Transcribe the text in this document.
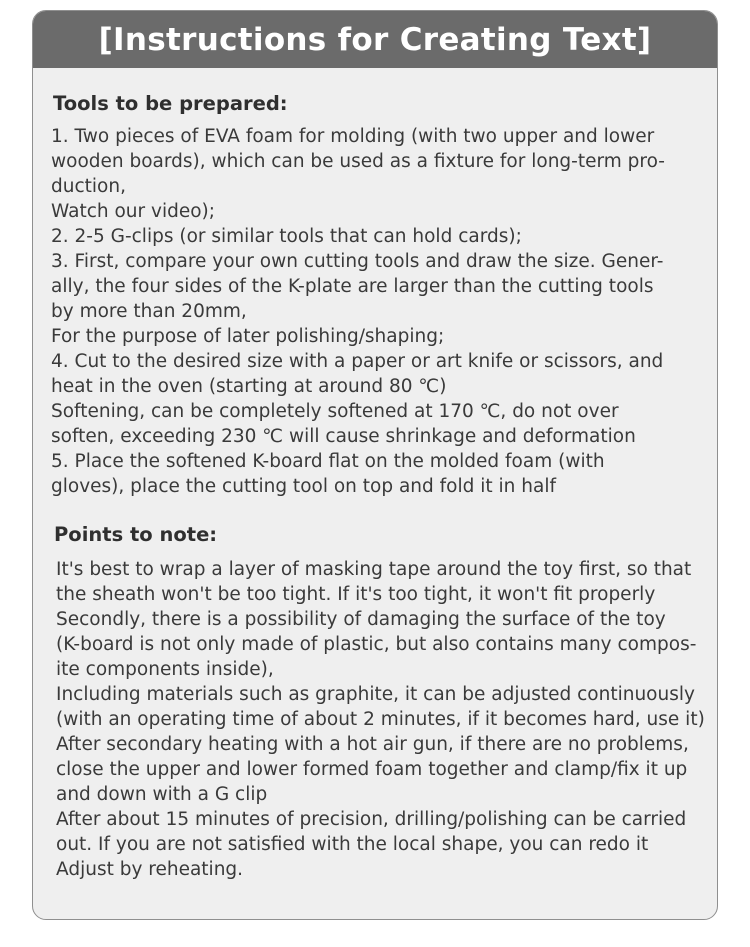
[Instructions for Creating Text]
Tools to be prepared:
1. Two pieces of EVA foam for molding (with two upper and lower
wooden boards), which can be used as a fixture for long-term pro-
duction,
Watch our video);
2. 2-5 G-clips (or similar tools that can hold cards);
3. First, compare your own cutting tools and draw the size. Gener-
ally, the four sides of the K-plate are larger than the cutting tools
by more than 20mm,
For the purpose of later polishing/shaping;
4. Cut to the desired size with a paper or art knife or scissors, and
heat in the oven (starting at around 80 ℃)
Softening, can be completely softened at 170 ℃, do not over
soften, exceeding 230 ℃ will cause shrinkage and deformation
5. Place the softened K-board flat on the molded foam (with
gloves), place the cutting tool on top and fold it in half
Points to note:
It's best to wrap a layer of masking tape around the toy first, so that
the sheath won't be too tight. If it's too tight, it won't fit properly
Secondly, there is a possibility of damaging the surface of the toy
(K-board is not only made of plastic, but also contains many compos-
ite components inside),
Including materials such as graphite, it can be adjusted continuously
(with an operating time of about 2 minutes, if it becomes hard, use it)
After secondary heating with a hot air gun, if there are no problems,
close the upper and lower formed foam together and clamp/fix it up
and down with a G clip
After about 15 minutes of precision, drilling/polishing can be carried
out. If you are not satisfied with the local shape, you can redo it
Adjust by reheating.
